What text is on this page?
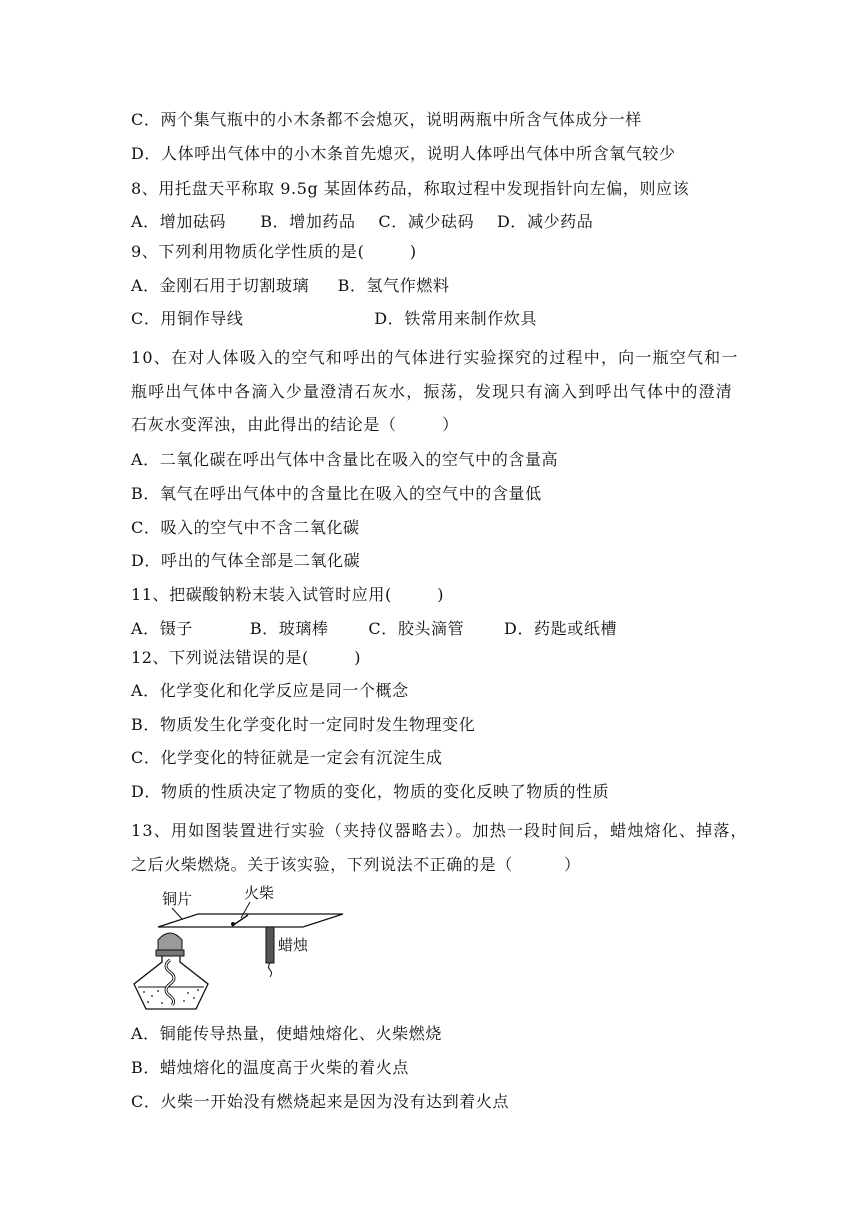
C．两个集气瓶中的小木条都不会熄灭，说明两瓶中所含气体成分一样
D．人体呼出气体中的小木条首先熄灭，说明人体呼出气体中所含氧气较少
8、用托盘天平称取 9.5g 某固体药品，称取过程中发现指针向左偏，则应该
A．增加砝码      B．增加药品    C．减少砝码    D．减少药品
9、下列利用物质化学性质的是(        )
A．金刚石用于切割玻璃     B．氢气作燃料
C．用铜作导线                       D．铁常用来制作炊具
10、在对人体吸入的空气和呼出的气体进行实验探究的过程中，向一瓶空气和一
瓶呼出气体中各滴入少量澄清石灰水，振荡，发现只有滴入到呼出气体中的澄清
石灰水变浑浊，由此得出的结论是（        ）
A．二氧化碳在呼出气体中含量比在吸入的空气中的含量高
B．氧气在呼出气体中的含量比在吸入的空气中的含量低
C．吸入的空气中不含二氧化碳
D．呼出的气体全部是二氧化碳
11、把碳酸钠粉末装入试管时应用(        )
A．镊子          B．玻璃棒       C．胶头滴管       D．药匙或纸槽
12、下列说法错误的是(        )
A．化学变化和化学反应是同一个概念
B．物质发生化学变化时一定同时发生物理变化
C．化学变化的特征就是一定会有沉淀生成
D．物质的性质决定了物质的变化，物质的变化反映了物质的性质
13、用如图装置进行实验（夹持仪器略去）。加热一段时间后，蜡烛熔化、掉落，
之后火柴燃烧。关于该实验，下列说法不正确的是（         ）
铜片	火柴
蜡烛
A．铜能传导热量，使蜡烛熔化、火柴燃烧
B．蜡烛熔化的温度高于火柴的着火点
C．火柴一开始没有燃烧起来是因为没有达到着火点
